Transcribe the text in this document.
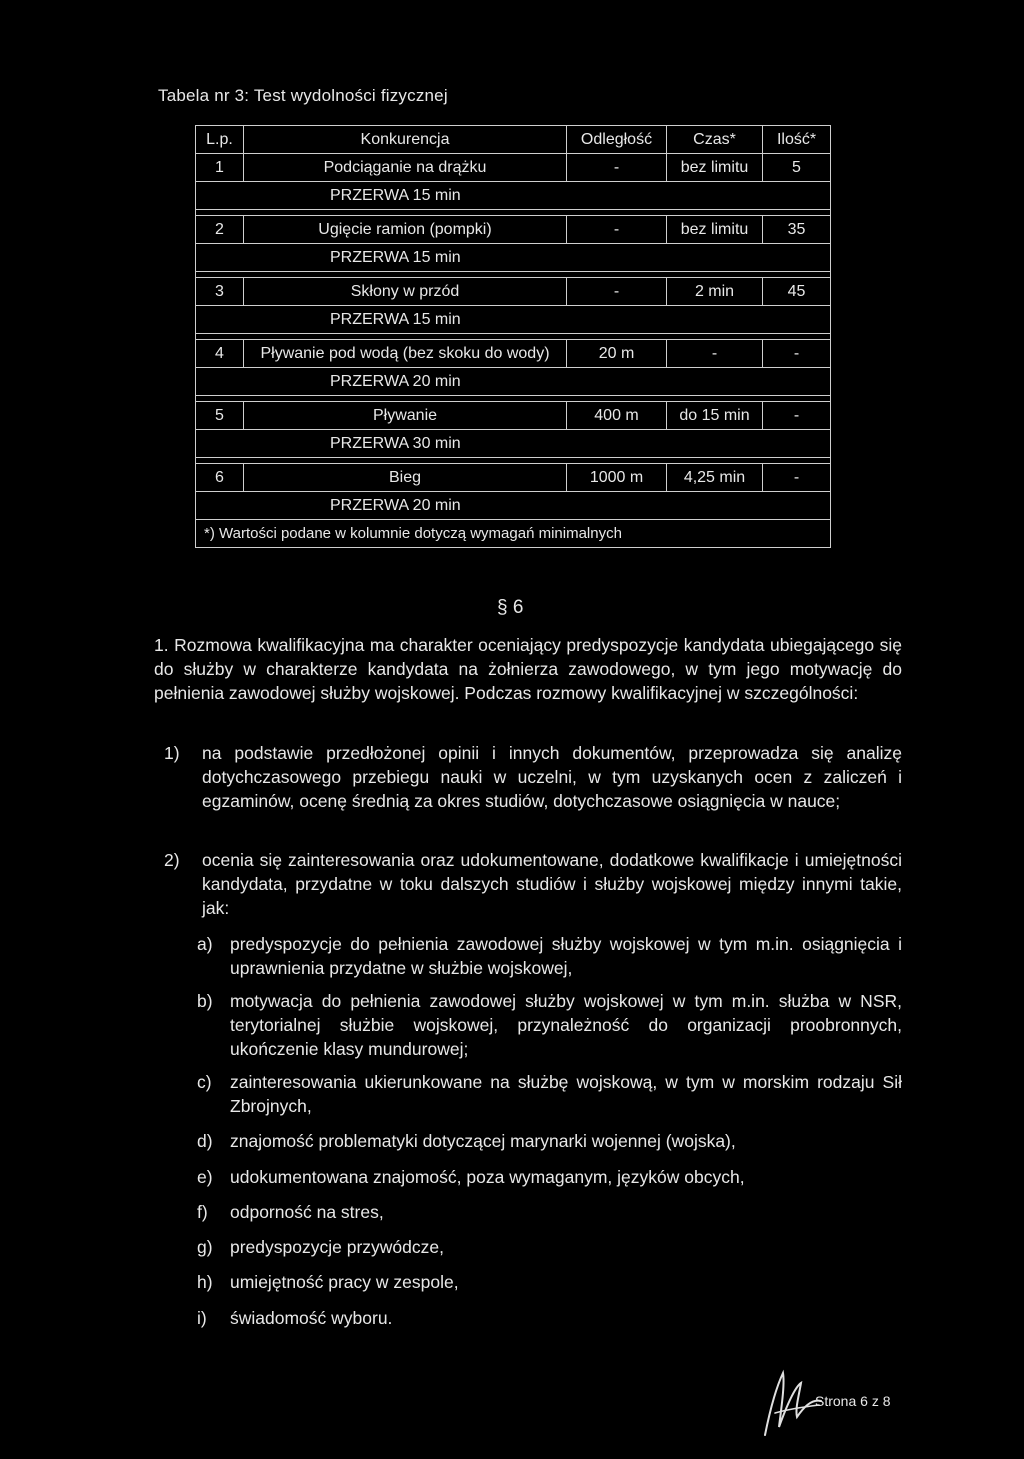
Tabela nr 3: Test wydolności fizycznej
L.p.	Konkurencja	Odległość	Czas*	Ilość*
1	Podciąganie na drążku	-	bez limitu	5
PRZERWA 15 min				

2	Ugięcie ramion (pompki)	-	bez limitu	35
PRZERWA 15 min				

3	Skłony w przód	-	2 min	45
PRZERWA 15 min				

4	Pływanie pod wodą (bez skoku do wody)	20 m	-	-
PRZERWA 20 min				

5	Pływanie	400 m	do 15 min	-
PRZERWA 30 min				

6	Bieg	1000 m	4,25 min	-
PRZERWA 20 min				
*) Wartości podane w kolumnie dotyczą wymagań minimalnych				
§ 6

1. Rozmowa kwalifikacyjna ma charakter oceniający predyspozycje kandydata ubiegającego się do służby w charakterze kandydata na żołnierza zawodowego, w tym jego motywację do pełnienia zawodowej służby wojskowej. Podczas rozmowy kwalifikacyjnej w szczególności:

1) na podstawie przedłożonej opinii i innych dokumentów, przeprowadza się analizę dotychczasowego przebiegu nauki w uczelni, w tym uzyskanych ocen z zaliczeń i egzaminów, ocenę średnią za okres studiów, dotychczasowe osiągnięcia w nauce;
2) ocenia się zainteresowania oraz udokumentowane, dodatkowe kwalifikacje i umiejętności kandydata, przydatne w toku dalszych studiów i służby wojskowej między innymi takie, jak:
a) predyspozycje do pełnienia zawodowej służby wojskowej w tym m.in. osiągnięcia i uprawnienia przydatne w służbie wojskowej,
b) motywacja do pełnienia zawodowej służby wojskowej w tym m.in. służba w NSR, terytorialnej służbie wojskowej, przynależność do organizacji proobronnych, ukończenie klasy mundurowej;
c) zainteresowania ukierunkowane na służbę wojskową, w tym w morskim rodzaju Sił Zbrojnych,
d) znajomość problematyki dotyczącej marynarki wojennej (wojska),
e) udokumentowana znajomość, poza wymaganym, języków obcych,
f) odporność na stres,
g) predyspozycje przywódcze,
h) umiejętność pracy w zespole,
i) świadomość wyboru.
Strona 6 z 8
